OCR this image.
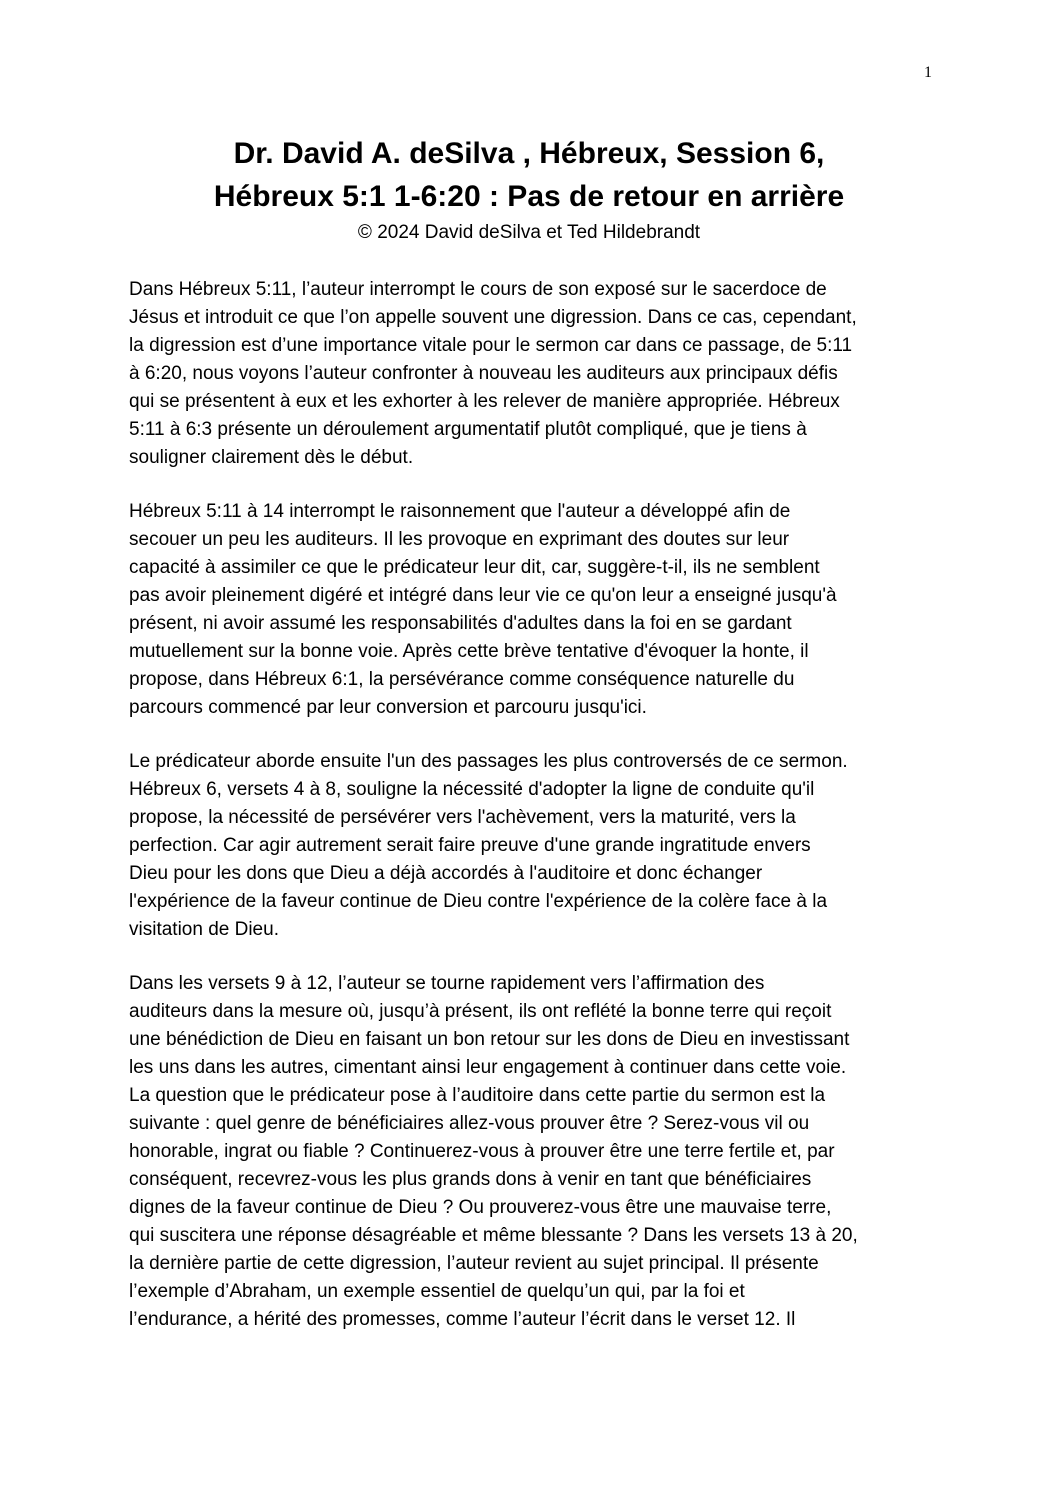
1
Dr. David A. deSilva , Hébreux, Session 6,
Hébreux 5:1 1-6:20 : Pas de retour en arrière

© 2024 David deSilva et Ted Hildebrandt

Dans Hébreux 5:11, l’auteur interrompt le cours de son exposé sur le sacerdoce de
Jésus et introduit ce que l’on appelle souvent une digression. Dans ce cas, cependant,
la digression est d’une importance vitale pour le sermon car dans ce passage, de 5:11
à 6:20, nous voyons l’auteur confronter à nouveau les auditeurs aux principaux défis
qui se présentent à eux et les exhorter à les relever de manière appropriée. Hébreux
5:11 à 6:3 présente un déroulement argumentatif plutôt compliqué, que je tiens à
souligner clairement dès le début.

Hébreux 5:11 à 14 interrompt le raisonnement que l'auteur a développé afin de
secouer un peu les auditeurs. Il les provoque en exprimant des doutes sur leur
capacité à assimiler ce que le prédicateur leur dit, car, suggère-t-il, ils ne semblent
pas avoir pleinement digéré et intégré dans leur vie ce qu'on leur a enseigné jusqu'à
présent, ni avoir assumé les responsabilités d'adultes dans la foi en se gardant
mutuellement sur la bonne voie. Après cette brève tentative d'évoquer la honte, il
propose, dans Hébreux 6:1, la persévérance comme conséquence naturelle du
parcours commencé par leur conversion et parcouru jusqu'ici.

Le prédicateur aborde ensuite l'un des passages les plus controversés de ce sermon.
Hébreux 6, versets 4 à 8, souligne la nécessité d'adopter la ligne de conduite qu'il
propose, la nécessité de persévérer vers l'achèvement, vers la maturité, vers la
perfection. Car agir autrement serait faire preuve d'une grande ingratitude envers
Dieu pour les dons que Dieu a déjà accordés à l'auditoire et donc échanger
l'expérience de la faveur continue de Dieu contre l'expérience de la colère face à la
visitation de Dieu.

Dans les versets 9 à 12, l’auteur se tourne rapidement vers l’affirmation des
auditeurs dans la mesure où, jusqu’à présent, ils ont reflété la bonne terre qui reçoit
une bénédiction de Dieu en faisant un bon retour sur les dons de Dieu en investissant
les uns dans les autres, cimentant ainsi leur engagement à continuer dans cette voie.
La question que le prédicateur pose à l’auditoire dans cette partie du sermon est la
suivante : quel genre de bénéficiaires allez-vous prouver être ? Serez-vous vil ou
honorable, ingrat ou fiable ? Continuerez-vous à prouver être une terre fertile et, par
conséquent, recevrez-vous les plus grands dons à venir en tant que bénéficiaires
dignes de la faveur continue de Dieu ? Ou prouverez-vous être une mauvaise terre,
qui suscitera une réponse désagréable et même blessante ? Dans les versets 13 à 20,
la dernière partie de cette digression, l’auteur revient au sujet principal. Il présente
l’exemple d’Abraham, un exemple essentiel de quelqu’un qui, par la foi et
l’endurance, a hérité des promesses, comme l’auteur l’écrit dans le verset 12. Il
